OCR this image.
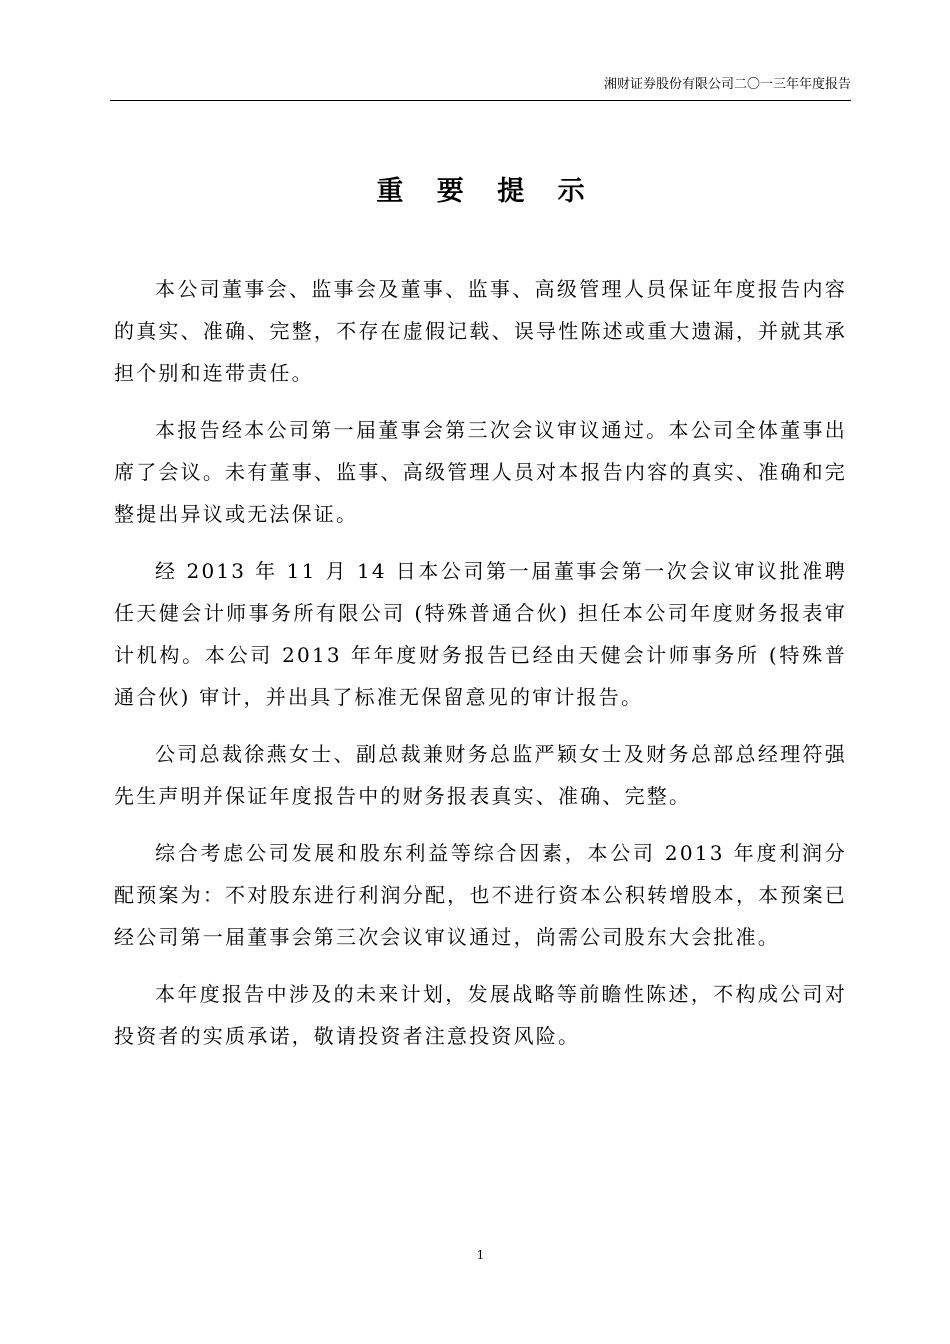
湘财证券股份有限公司二〇一三年年度报告
重 要 提 示

本公司董事会、监事会及董事、监事、高级管理人员保证年度报告内容的真实、准确、完整，不存在虚假记载、误导性陈述或重大遗漏，并就其承担个别和连带责任。

本报告经本公司第一届董事会第三次会议审议通过。本公司全体董事出席了会议。未有董事、监事、高级管理人员对本报告内容的真实、准确和完整提出异议或无法保证。

经 2013 年 11 月 14 日本公司第一届董事会第一次会议审议批准聘任天健会计师事务所有限公司 (特殊普通合伙) 担任本公司年度财务报表审计机构。本公司 2013 年年度财务报告已经由天健会计师事务所 (特殊普通合伙) 审计，并出具了标准无保留意见的审计报告。

公司总裁徐燕女士、副总裁兼财务总监严颖女士及财务总部总经理符强先生声明并保证年度报告中的财务报表真实、准确、完整。

综合考虑公司发展和股东利益等综合因素，本公司 2013 年度利润分配预案为：不对股东进行利润分配，也不进行资本公积转增股本，本预案已经公司第一届董事会第三次会议审议通过，尚需公司股东大会批准。

本年度报告中涉及的未来计划，发展战略等前瞻性陈述，不构成公司对投资者的实质承诺，敬请投资者注意投资风险。

1
